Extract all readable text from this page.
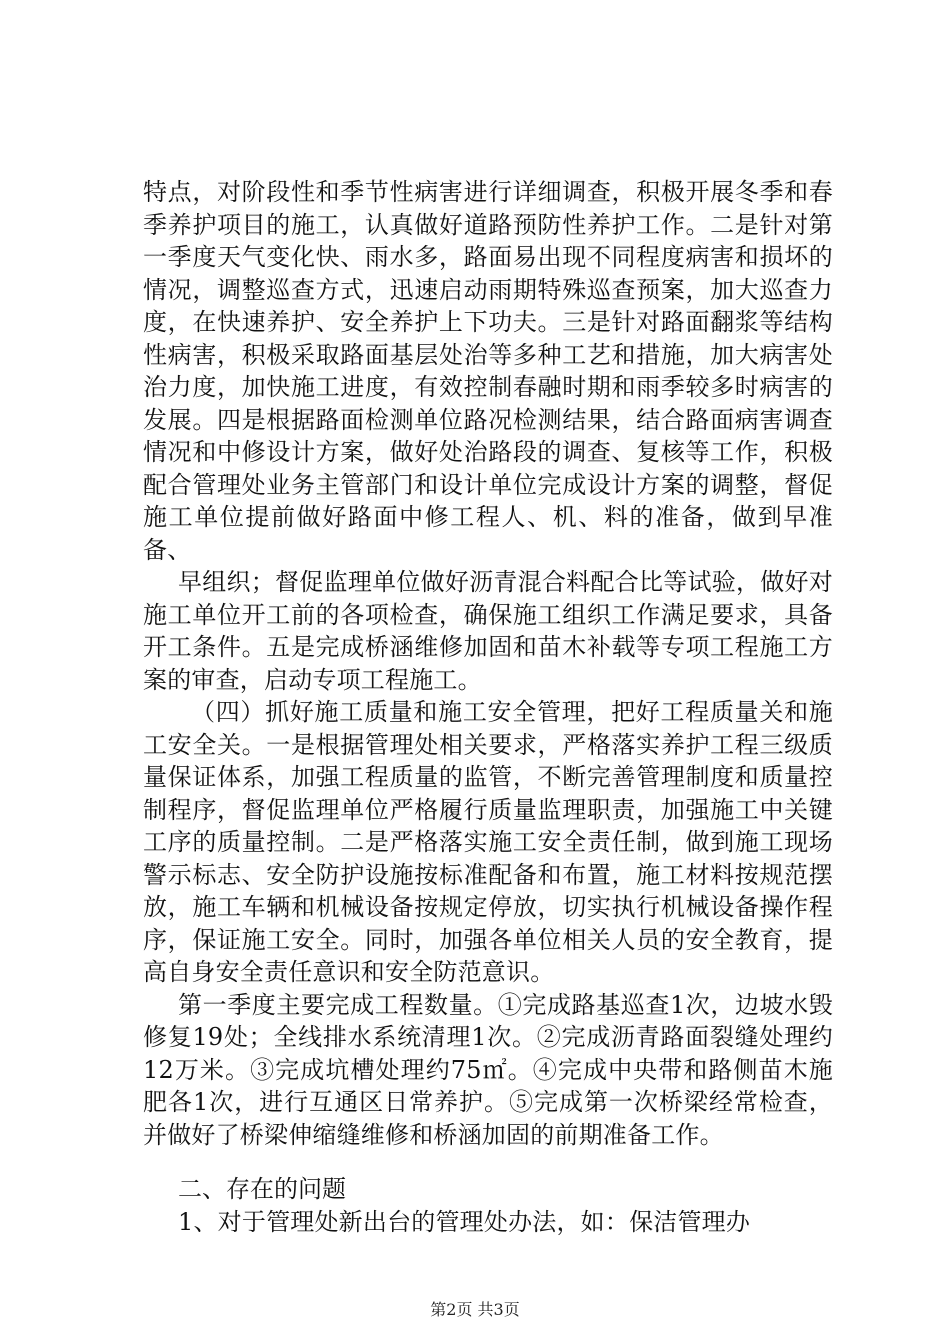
特点，对阶段性和季节性病害进行详细调查，积极开展冬季和春季养护项目的施工，认真做好道路预防性养护工作。二是针对第一季度天气变化快、雨水多，路面易出现不同程度病害和损坏的情况，调整巡查方式，迅速启动雨期特殊巡查预案，加大巡查力度，在快速养护、安全养护上下功夫。三是针对路面翻浆等结构性病害，积极采取路面基层处治等多种工艺和措施，加大病害处治力度，加快施工进度，有效控制春融时期和雨季较多时病害的发展。四是根据路面检测单位路况检测结果，结合路面病害调查情况和中修设计方案，做好处治路段的调查、复核等工作，积极配合管理处业务主管部门和设计单位完成设计方案的调整，督促施工单位提前做好路面中修工程人、机、料的准备，做到早准备、

早组织；督促监理单位做好沥青混合料配合比等试验，做好对施工单位开工前的各项检查，确保施工组织工作满足要求，具备开工条件。五是完成桥涵维修加固和苗木补载等专项工程施工方案的审查，启动专项工程施工。

（四）抓好施工质量和施工安全管理，把好工程质量关和施工安全关。一是根据管理处相关要求，严格落实养护工程三级质量保证体系，加强工程质量的监管，不断完善管理制度和质量控制程序，督促监理单位严格履行质量监理职责，加强施工中关键工序的质量控制。二是严格落实施工安全责任制，做到施工现场警示标志、安全防护设施按标准配备和布置，施工材料按规范摆放，施工车辆和机械设备按规定停放，切实执行机械设备操作程序，保证施工安全。同时，加强各单位相关人员的安全教育，提高自身安全责任意识和安全防范意识。

第一季度主要完成工程数量。①完成路基巡查1次，边坡水毁修复19处；全线排水系统清理1次。②完成沥青路面裂缝处理约12万米。③完成坑槽处理约75㎡。④完成中央带和路侧苗木施肥各1次，进行互通区日常养护。⑤完成第一次桥梁经常检查，并做好了桥梁伸缩缝维修和桥涵加固的前期准备工作。

二、存在的问题

1、对于管理处新出台的管理处办法，如：保洁管理办

第2页 共3页
